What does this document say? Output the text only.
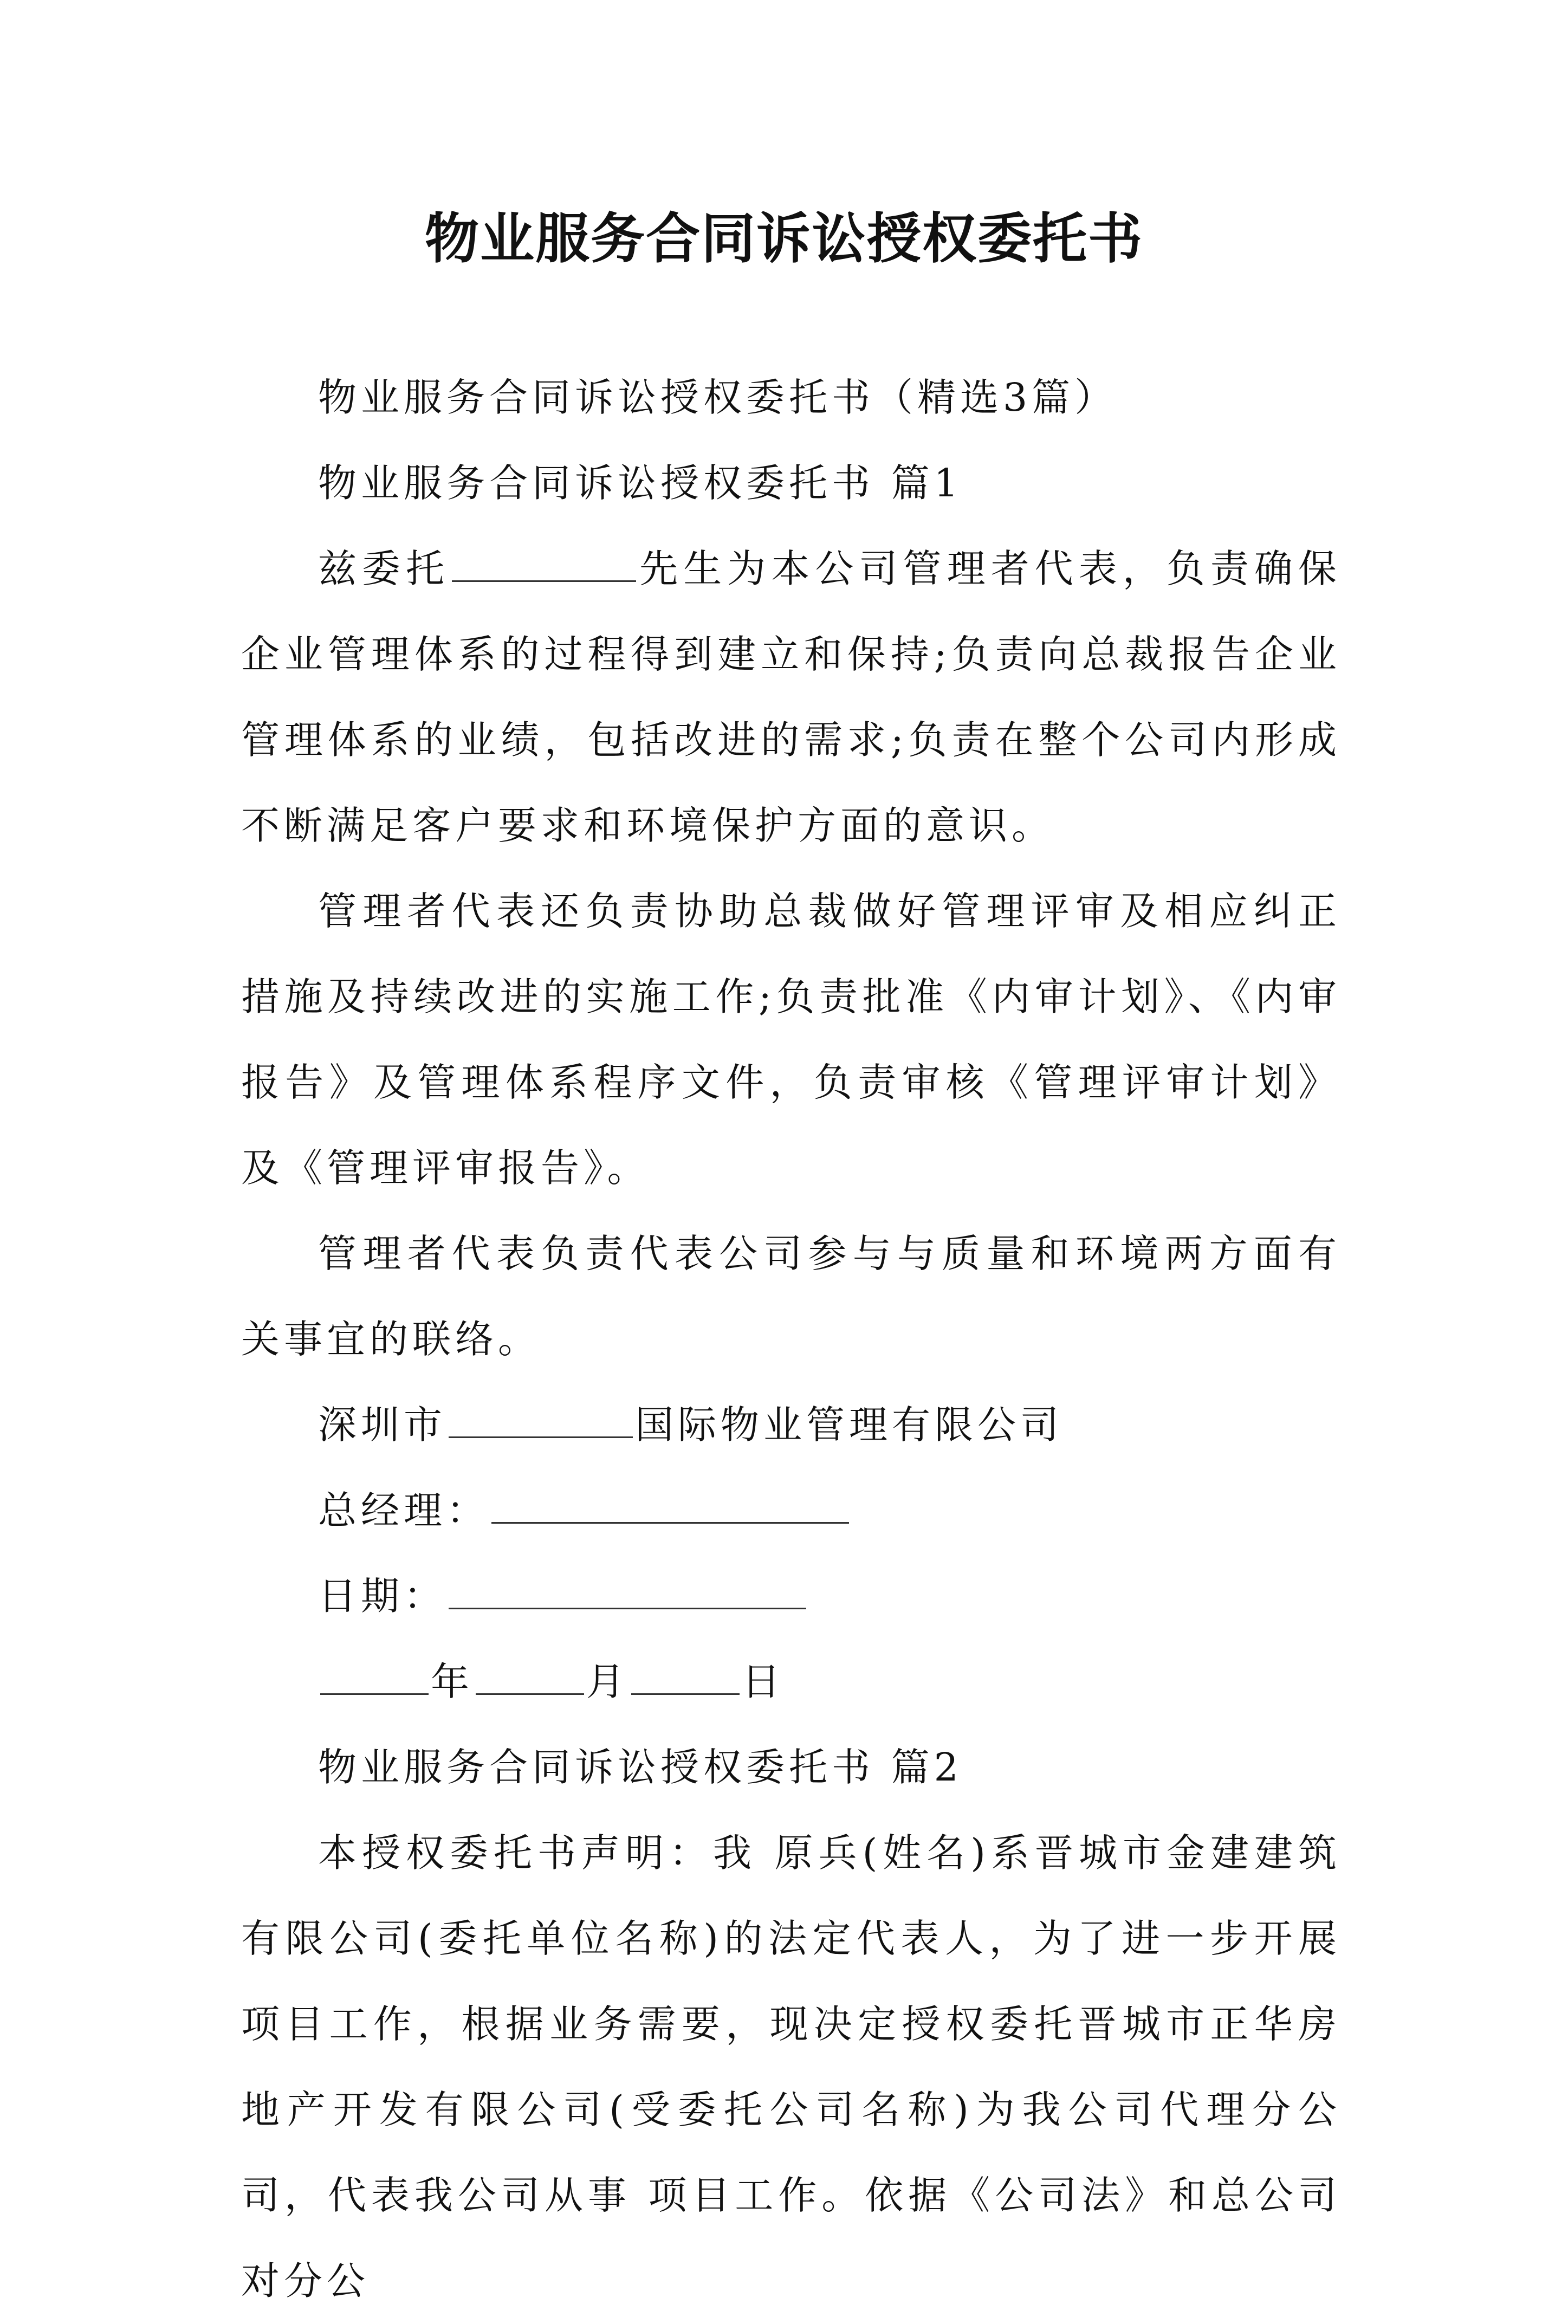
物业服务合同诉讼授权委托书

物业服务合同诉讼授权委托书（精选3篇）

物业服务合同诉讼授权委托书 篇1

兹委托	先生为本公司管理者代表，负责确保企业管理体系的过程得到建立和保持;负责向总裁报告企业管理体系的业绩，包括改进的需求;负责在整个公司内形成不断满足客户要求和环境保护方面的意识。

管理者代表还负责协助总裁做好管理评审及相应纠正措施及持续改进的实施工作;负责批准《内审计划》、《内审报告》及管理体系程序文件，负责审核《管理评审计划》及《管理评审报告》。

管理者代表负责代表公司参与与质量和环境两方面有关事宜的联络。

深圳市	国际物业管理有限公司

总经理：

日期：

年	月	日

物业服务合同诉讼授权委托书 篇2

本授权委托书声明：我 原兵(姓名)系晋城市金建建筑有限公司(委托单位名称)的法定代表人，为了进一步开展项目工作，根据业务需要，现决定授权委托晋城市正华房地产开发有限公司(受委托公司名称)为我公司代理分公司，代表我公司从事 项目工作。依据《公司法》和总公司对分公
